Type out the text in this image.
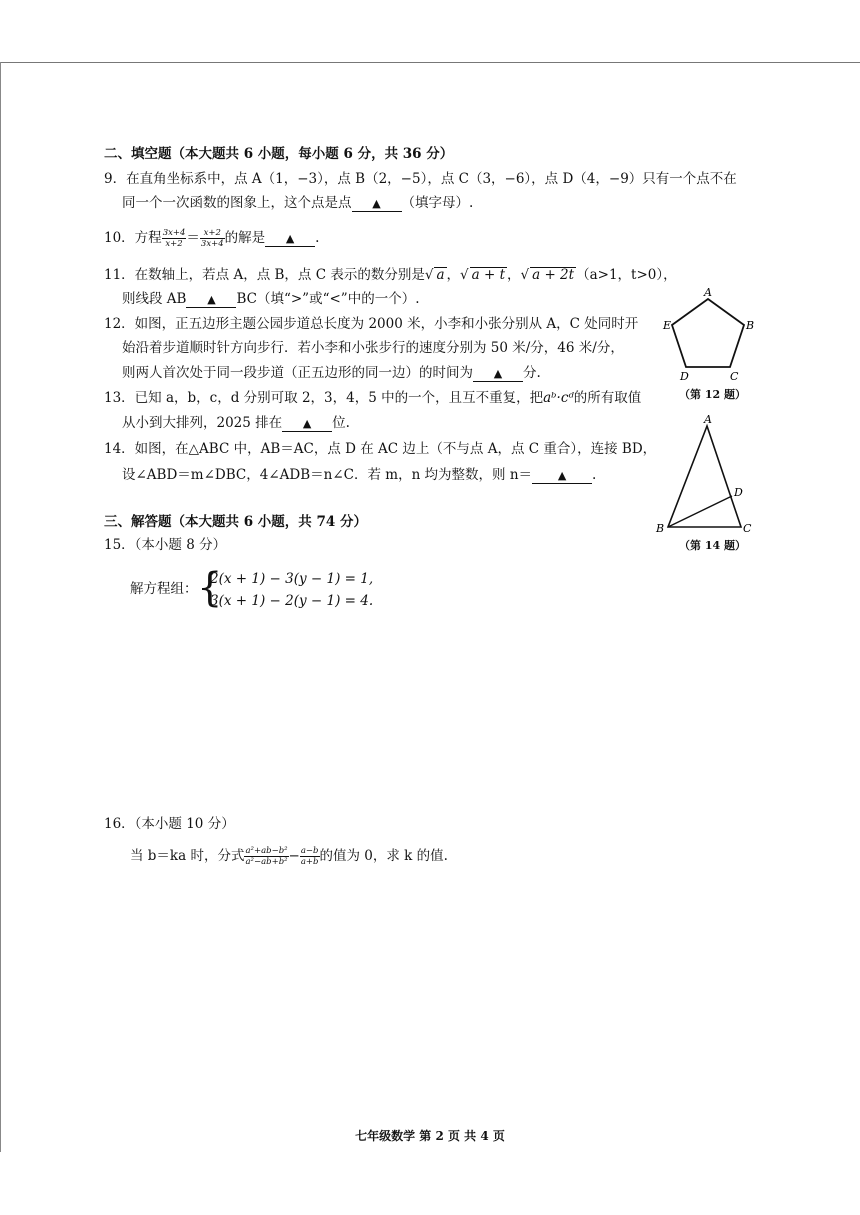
二、填空题（本大题共 6 小题，每小题 6 分，共 36 分）
9．在直角坐标系中，点 A（1，−3），点 B（2，−5），点 C（3，−6），点 D（4，−9）只有一个点不在
同一个一次函数的图象上，这个点是点 ▲ （填字母）.
10．方程 $\frac{3x+4}{x+2} = \frac{x+2}{3x+4}$ 的解是 ▲ .
11．在数轴上，若点 A，点 B，点 C 表示的数分别是√ a ，√ a + t ，√ a + 2t （a>1，t>0），
则线段 AB ▲ BC（填“>”或“<”中的一个）.
12．如图，正五边形主题公园步道总长度为 2000 米，小李和小张分别从 A，C 处同时开
始沿着步道顺时针方向步行．若小李和小张步行的速度分别为 50 米/分，46 米/分，
则两人首次处于同一段步道（正五边形的同一边）的时间为 ▲ 分.
13．已知 a，b，c，d 分别可取 2，3，4，5 中的一个，且互不重复，把aᵇ·cᵈ的所有取值
从小到大排列，2025 排在 ▲ 位.
14．如图，在△ABC 中，AB＝AC，点 D 在 AC 边上（不与点 A，点 C 重合），连接 BD，
设∠ABD＝m∠DBC，4∠ADB＝n∠C．若 m，n 均为整数，则 n＝ ▲ .
A
B
C
D
E
（第 12 题）
A
B	C
D
（第 14 题）
三、解答题（本大题共 6 小题，共 74 分）
15．（本小题 8 分）
解方程组： {
2(x + 1) − 3(y − 1) = 1,
3(x + 1) − 2(y − 1) = 4.
16．（本小题 10 分）
当 b＝ka 时，分式 $\frac{\text{a²+ab−b²}}{\text{a²−ab+b²}} - \frac{a-b}{a+b}$ 的值为 0，求 k 的值.
七年级数学 第 2 页 共 4 页
